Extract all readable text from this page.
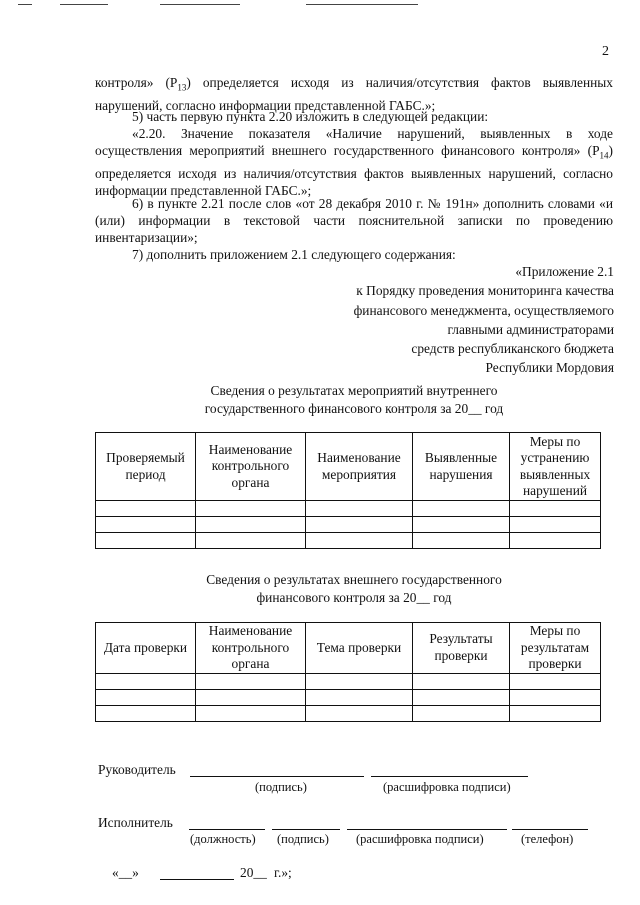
2
контроля» $(Р_{13})$ определяется исходя из наличия/отсутствия фактов выявленных нарушений, согласно информации представленной ГАБС.»;
5) часть первую пункта 2.20 изложить в следующей редакции:
«2.20. Значение показателя «Наличие нарушений, выявленных в ходе осуществления мероприятий внешнего государственного финансового контроля» $(Р_{14})$ определяется исходя из наличия/отсутствия фактов выявленных нарушений, согласно информации представленной ГАБС.»;
6) в пункте 2.21 после слов «от 28 декабря 2010 г. № 191н» дополнить словами «и (или) информации в текстовой части пояснительной записки по проведению инвентаризации»;
7) дополнить приложением 2.1 следующего содержания:
«Приложение 2.1
к Порядку проведения мониторинга качества
финансового менеджмента, осуществляемого
главными администраторами
средств республиканского бюджета
Республики Мордовия
Сведения о результатах мероприятий внутреннего
государственного финансового контроля за 20__ год
Проверяемый период	Наименование контрольного органа	Наименование мероприятия	Выявленные нарушения	Меры по устранению выявленных нарушений

Сведения о результатах внешнего государственного
финансового контроля за 20__ год
Дата проверки	Наименование контрольного органа	Тема проверки	Результаты проверки	Меры по результатам проверки

Руководитель
(подпись)	(расшифровка подписи)
Исполнитель
(должность) (подпись) (расшифровка подписи)	(телефон)
«__»	20__ г.»;
